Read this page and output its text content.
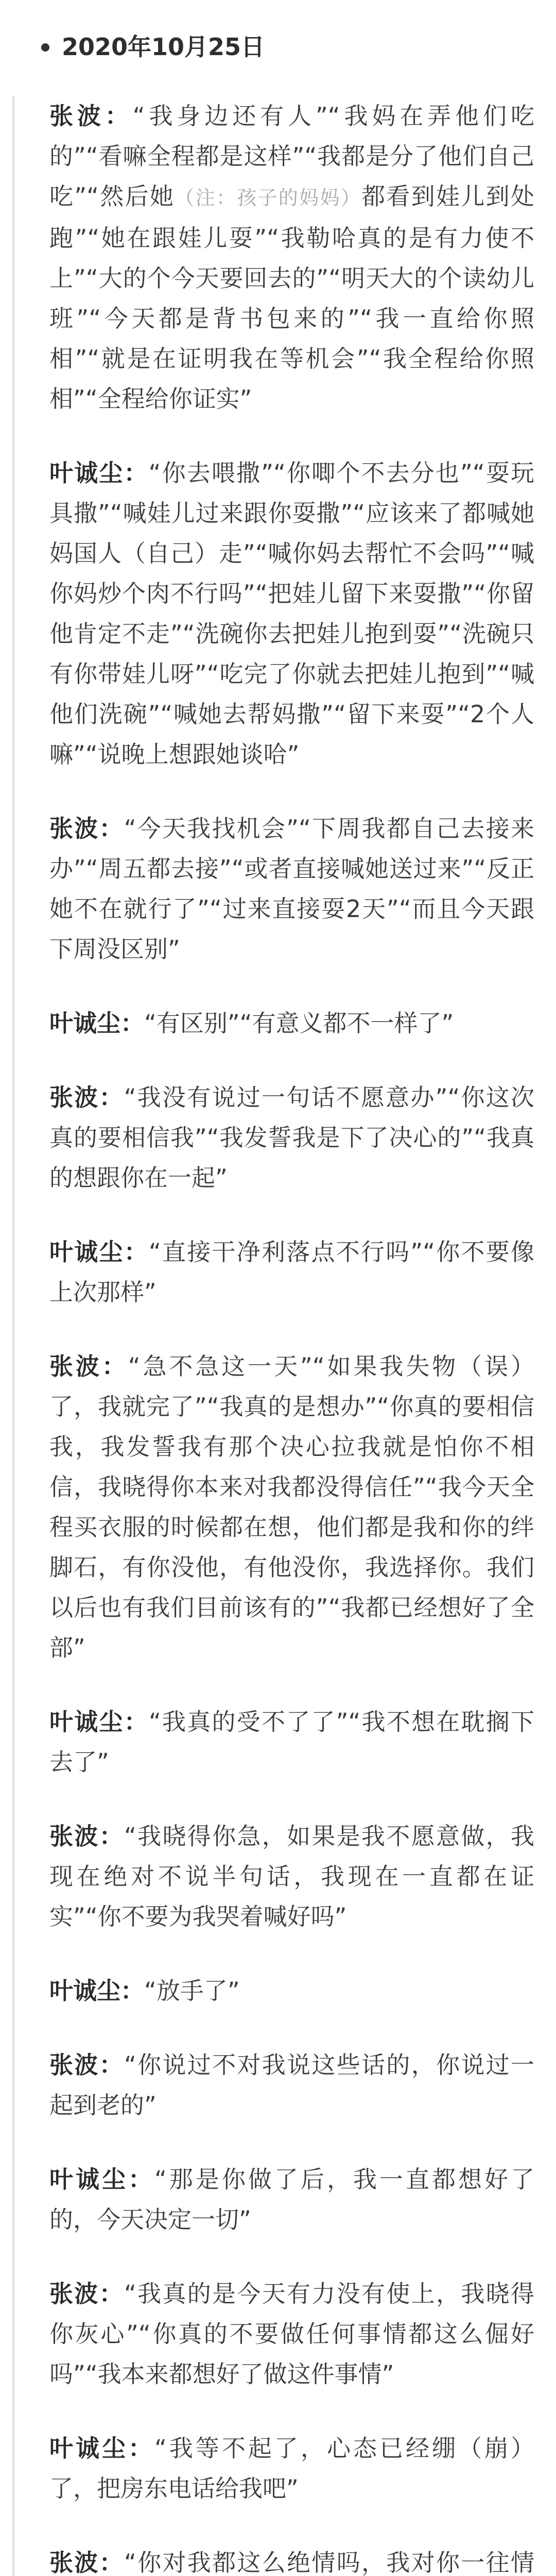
2020年10月25日

张波：“我身边还有人”“我妈在弄他们吃的”“看嘛全程都是这样”“我都是分了他们自己吃”“然后她（注：孩子的妈妈）都看到娃儿到处跑”“她在跟娃儿耍”“我勒哈真的是有力使不上”“大的个今天要回去的”“明天大的个读幼儿班”“今天都是背书包来的”“我一直给你照相”“就是在证明我在等机会”“我全程给你照相”“全程给你证实”

叶诚尘：“你去喂撒”“你唧个不去分也”“耍玩具撒”“喊娃儿过来跟你耍撒”“应该来了都喊她妈国人（自己）走”“喊你妈去帮忙不会吗”“喊你妈炒个肉不行吗”“把娃儿留下来耍撒”“你留他肯定不走”“洗碗你去把娃儿抱到耍”“洗碗只有你带娃儿呀”“吃完了你就去把娃儿抱到”“喊他们洗碗”“喊她去帮妈撒”“留下来耍”“2个人嘛”“说晚上想跟她谈哈”

张波：“今天我找机会”“下周我都自己去接来办”“周五都去接”“或者直接喊她送过来”“反正她不在就行了”“过来直接耍2天”“而且今天跟下周没区别”

叶诚尘：“有区别”“有意义都不一样了”

张波：“我没有说过一句话不愿意办”“你这次真的要相信我”“我发誓我是下了决心的”“我真的想跟你在一起”

叶诚尘：“直接干净利落点不行吗”“你不要像上次那样”

张波：“急不急这一天”“如果我失物（误）了，我就完了”“我真的是想办”“你真的要相信我，我发誓我有那个决心拉我就是怕你不相信，我晓得你本来对我都没得信任”“我今天全程买衣服的时候都在想，他们都是我和你的绊脚石，有你没他，有他没你，我选择你。我们以后也有我们目前该有的”“我都已经想好了全部”

叶诚尘：“我真的受不了了”“我不想在耽搁下去了”

张波：“我晓得你急，如果是我不愿意做，我现在绝对不说半句话，我现在一直都在证实”“你不要为我哭着喊好吗”

叶诚尘：“放手了”

张波：“你说过不对我说这些话的，你说过一起到老的”

叶诚尘：“那是你做了后，我一直都想好了的，今天决定一切”

张波：“我真的是今天有力没有使上，我晓得你灰心”“你真的不要做任何事情都这么倔好吗”“我本来都想好了做这件事情”

叶诚尘：“我等不起了，心态已经绷（崩）了，把房东电话给我吧”

张波：“你对我都这么绝情吗，我对你一往情
